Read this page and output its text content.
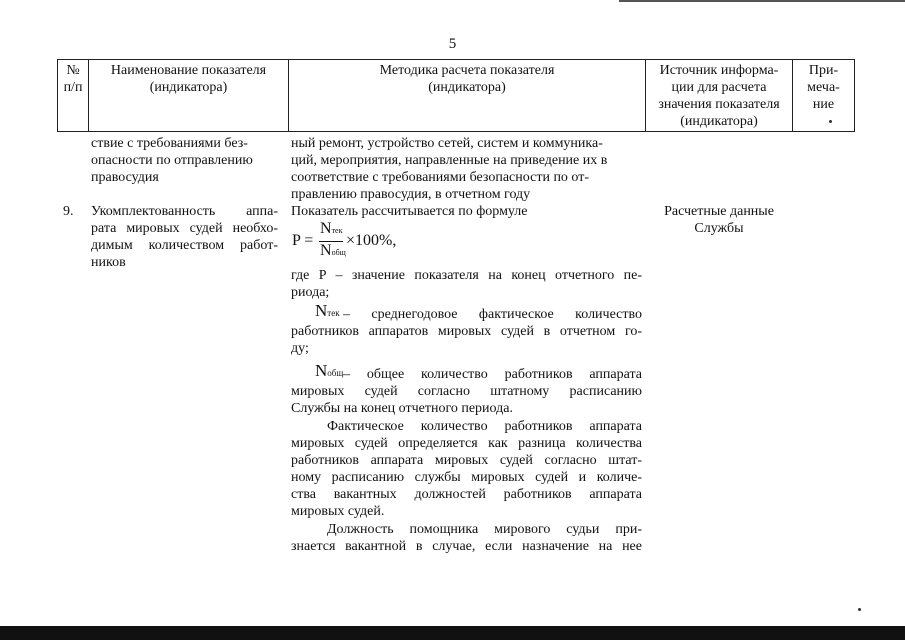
5
№
п/п
Наименование показателя
(индикатора)
Методика расчета показателя
(индикатора)
Источник информа-
ции для расчета
значения показателя
(индикатора)
При-
меча-
ние
ствие с требованиями без-
опасности по отправлению
правосудия
ный ремонт, устройство сетей, систем и коммуника-
ций, мероприятия, направленные на приведение их в
соответствие с требованиями безопасности по от-
правлению правосудия, в отчетном году
9. Укомплектованность аппа-
рата мировых судей необхо-
димым количеством работ-
ников
Показатель рассчитывается по формуле
P =
Nтек
Nобщ
×100%,
где P – значение показателя на конец отчетного пе-
риода;
Nтек – среднегодовое фактическое количество
работников аппаратов мировых судей в отчетном го-
ду;
Nобщ – общее количество работников аппарата
мировых судей согласно штатному расписанию
Службы на конец отчетного периода.
Фактическое количество работников аппарата
мировых судей определяется как разница количества
работников аппарата мировых судей согласно штат-
ному расписанию службы мировых судей и количе-
ства вакантных должностей работников аппарата
мировых судей.
Должность помощника мирового судьи при-
знается вакантной в случае, если назначение на нее
Расчетные данные
Службы
